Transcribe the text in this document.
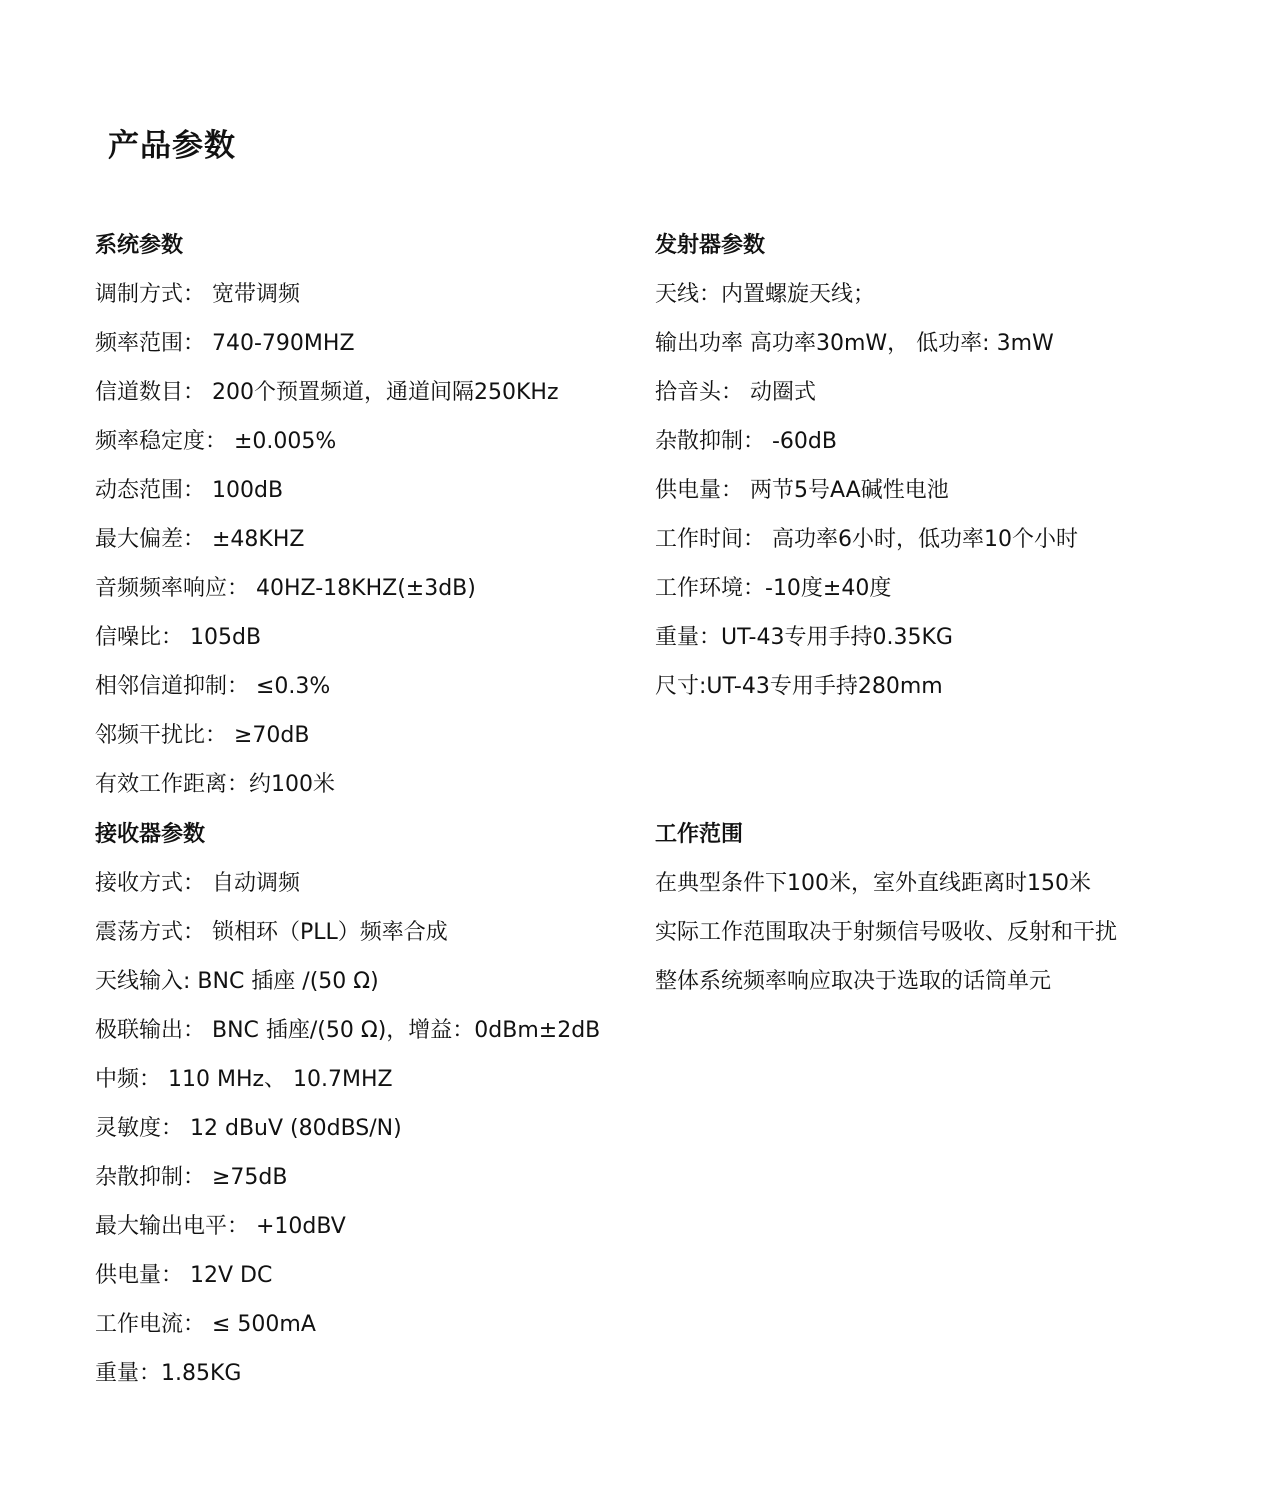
产品参数
系统参数
调制方式： 宽带调频
频率范围： 740-790MHZ
信道数目： 200个预置频道，通道间隔250KHz
频率稳定度： ±0.005%
动态范围： 100dB
最大偏差： ±48KHZ
音频频率响应： 40HZ-18KHZ(±3dB)
信噪比： 105dB
相邻信道抑制： ≤0.3%
邻频干扰比： ≥70dB
有效工作距离：约100米
发射器参数
天线：内置螺旋天线；
输出功率 高功率30mW， 低功率: 3mW
拾音头： 动圈式
杂散抑制： -60dB
供电量： 两节5号AA碱性电池
工作时间： 高功率6小时，低功率10个小时
工作环境：-10度±40度
重量：UT-43专用手持0.35KG
尺寸:UT-43专用手持280mm
接收器参数
接收方式： 自动调频
震荡方式： 锁相环（PLL）频率合成
天线输入: BNC 插座 /(50 Ω)
极联输出： BNC 插座/(50 Ω)，增益：0dBm±2dB
中频： 110 MHz、 10.7MHZ
灵敏度： 12 dBuV (80dBS/N)
杂散抑制： ≥75dB
最大输出电平： +10dBV
供电量： 12V DC
工作电流： ≤ 500mA
重量：1.85KG
工作范围
在典型条件下100米，室外直线距离时150米
实际工作范围取决于射频信号吸收、反射和干扰
整体系统频率响应取决于选取的话筒单元
